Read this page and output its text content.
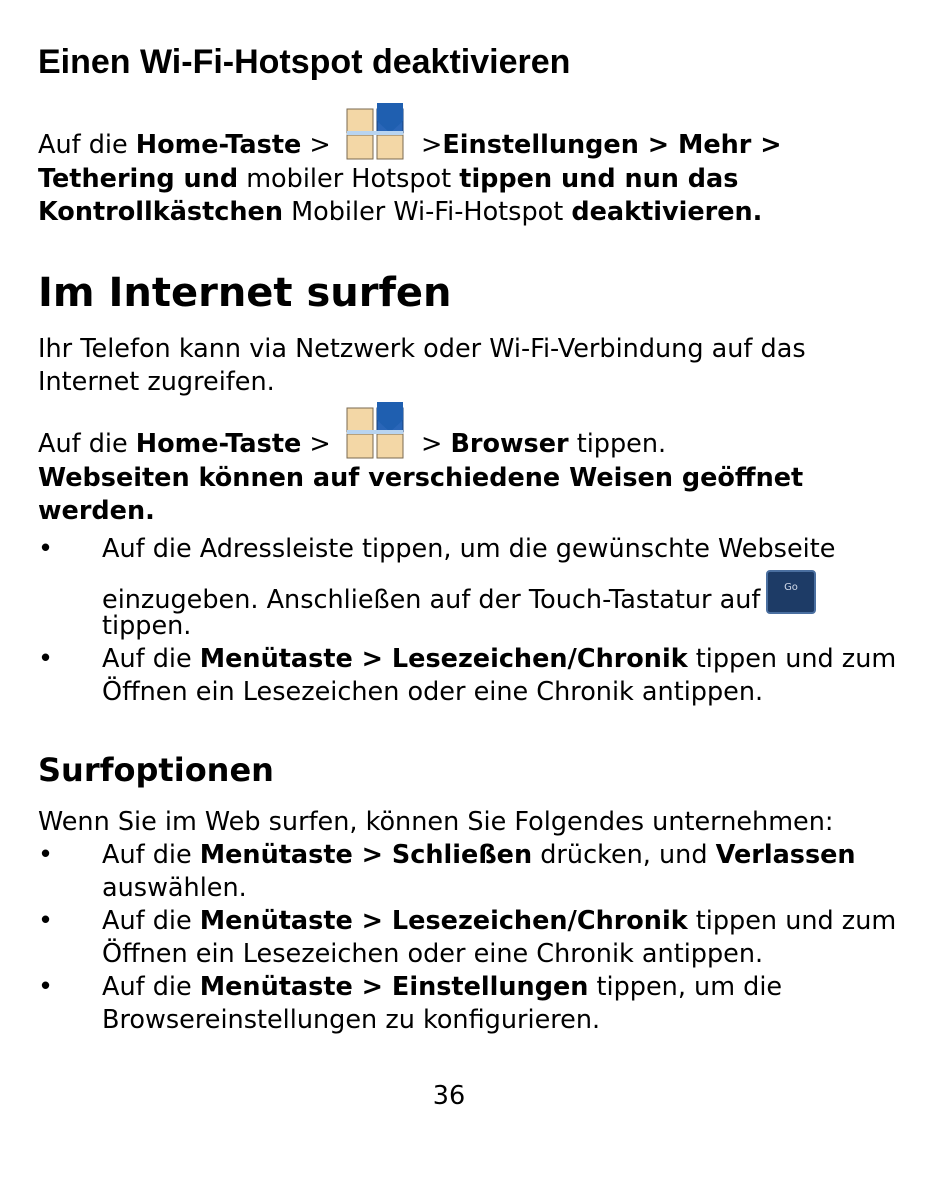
Einen Wi-Fi-Hotspot deaktivieren
Auf die Home-Taste >	>Einstellungen > Mehr >
Tethering und mobiler Hotspot tippen und nun das
Kontrollkästchen Mobiler Wi-Fi-Hotspot deaktivieren.
Im Internet surfen
Ihr Telefon kann via Netzwerk oder Wi-Fi-Verbindung auf das
Internet zugreifen.
Auf die Home-Taste >	> Browser tippen.
Webseiten können auf verschiedene Weisen geöffnet
werden.
• Auf die Adressleiste tippen, um die gewünschte Webseite
einzugeben. Anschließen auf der Touch-Tastatur auf Go
tippen.
• Auf die Menütaste > Lesezeichen/Chronik tippen und zum
Öffnen ein Lesezeichen oder eine Chronik antippen.
Surfoptionen
Wenn Sie im Web surfen, können Sie Folgendes unternehmen:
• Auf die Menütaste > Schließen drücken, und Verlassen
auswählen.
• Auf die Menütaste > Lesezeichen/Chronik tippen und zum
Öffnen ein Lesezeichen oder eine Chronik antippen.
• Auf die Menütaste > Einstellungen tippen, um die
Browsereinstellungen zu konfigurieren.
36
